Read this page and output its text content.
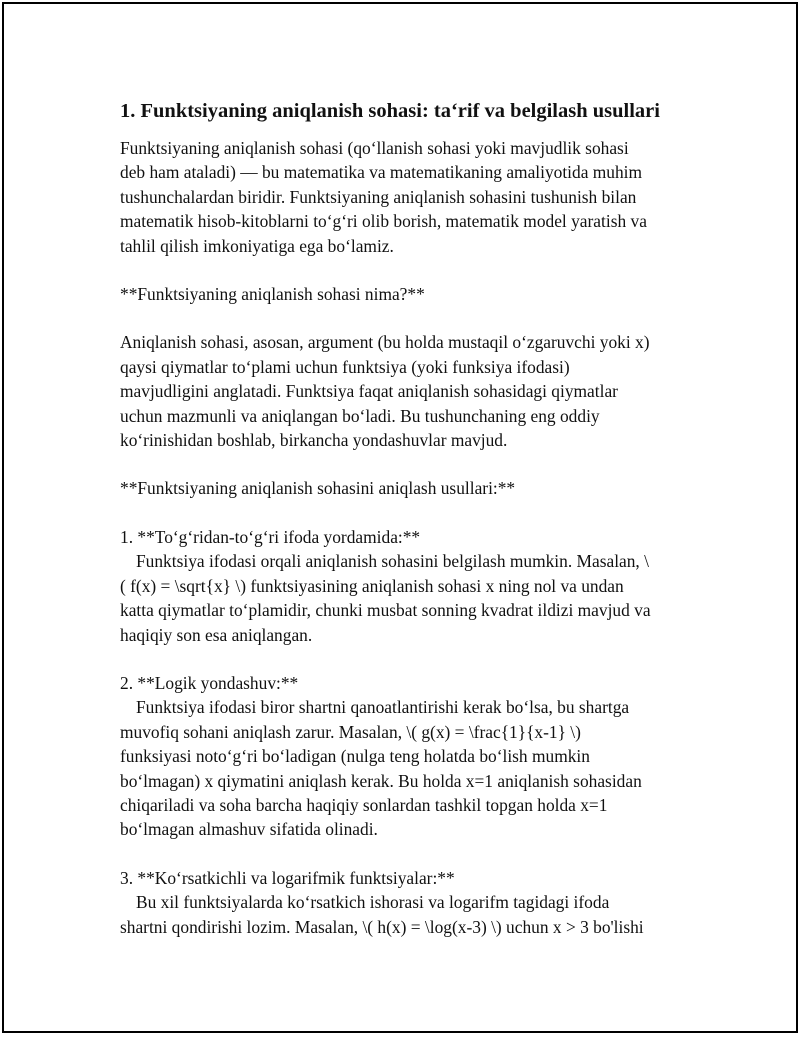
1. Funktsiyaning aniqlanish sohasi: ta‘rif va belgilash usullari

Funktsiyaning aniqlanish sohasi (qo‘llanish sohasi yoki mavjudlik sohasi
deb ham ataladi) — bu matematika va matematikaning amaliyotida muhim
tushunchalardan biridir. Funktsiyaning aniqlanish sohasini tushunish bilan
matematik hisob-kitoblarni to‘g‘ri olib borish, matematik model yaratish va
tahlil qilish imkoniyatiga ega bo‘lamiz.

**Funktsiyaning aniqlanish sohasi nima?**

Aniqlanish sohasi, asosan, argument (bu holda mustaqil o‘zgaruvchi yoki x)
qaysi qiymatlar to‘plami uchun funktsiya (yoki funksiya ifodasi)
mavjudligini anglatadi. Funktsiya faqat aniqlanish sohasidagi qiymatlar
uchun mazmunli va aniqlangan bo‘ladi. Bu tushunchaning eng oddiy
ko‘rinishidan boshlab, birkancha yondashuvlar mavjud.

**Funktsiyaning aniqlanish sohasini aniqlash usullari:**

1. **To‘g‘ridan-to‘g‘ri ifoda yordamida:**
Funktsiya ifodasi orqali aniqlanish sohasini belgilash mumkin. Masalan, \
( f(x) = \sqrt{x} \) funktsiyasining aniqlanish sohasi x ning nol va undan
katta qiymatlar to‘plamidir, chunki musbat sonning kvadrat ildizi mavjud va
haqiqiy son esa aniqlangan.

2. **Logik yondashuv:**
Funktsiya ifodasi biror shartni qanoatlantirishi kerak bo‘lsa, bu shartga
muvofiq sohani aniqlash zarur. Masalan, \( g(x) = \frac{1}{x-1} \)
funksiyasi noto‘g‘ri bo‘ladigan (nulga teng holatda bo‘lish mumkin
bo‘lmagan) x qiymatini aniqlash kerak. Bu holda x=1 aniqlanish sohasidan
chiqariladi va soha barcha haqiqiy sonlardan tashkil topgan holda x=1
bo‘lmagan almashuv sifatida olinadi.

3. **Ko‘rsatkichli va logarifmik funktsiyalar:**
Bu xil funktsiyalarda ko‘rsatkich ishorasi va logarifm tagidagi ifoda
shartni qondirishi lozim. Masalan, \( h(x) = \log(x-3) \) uchun x > 3 bo'lishi
